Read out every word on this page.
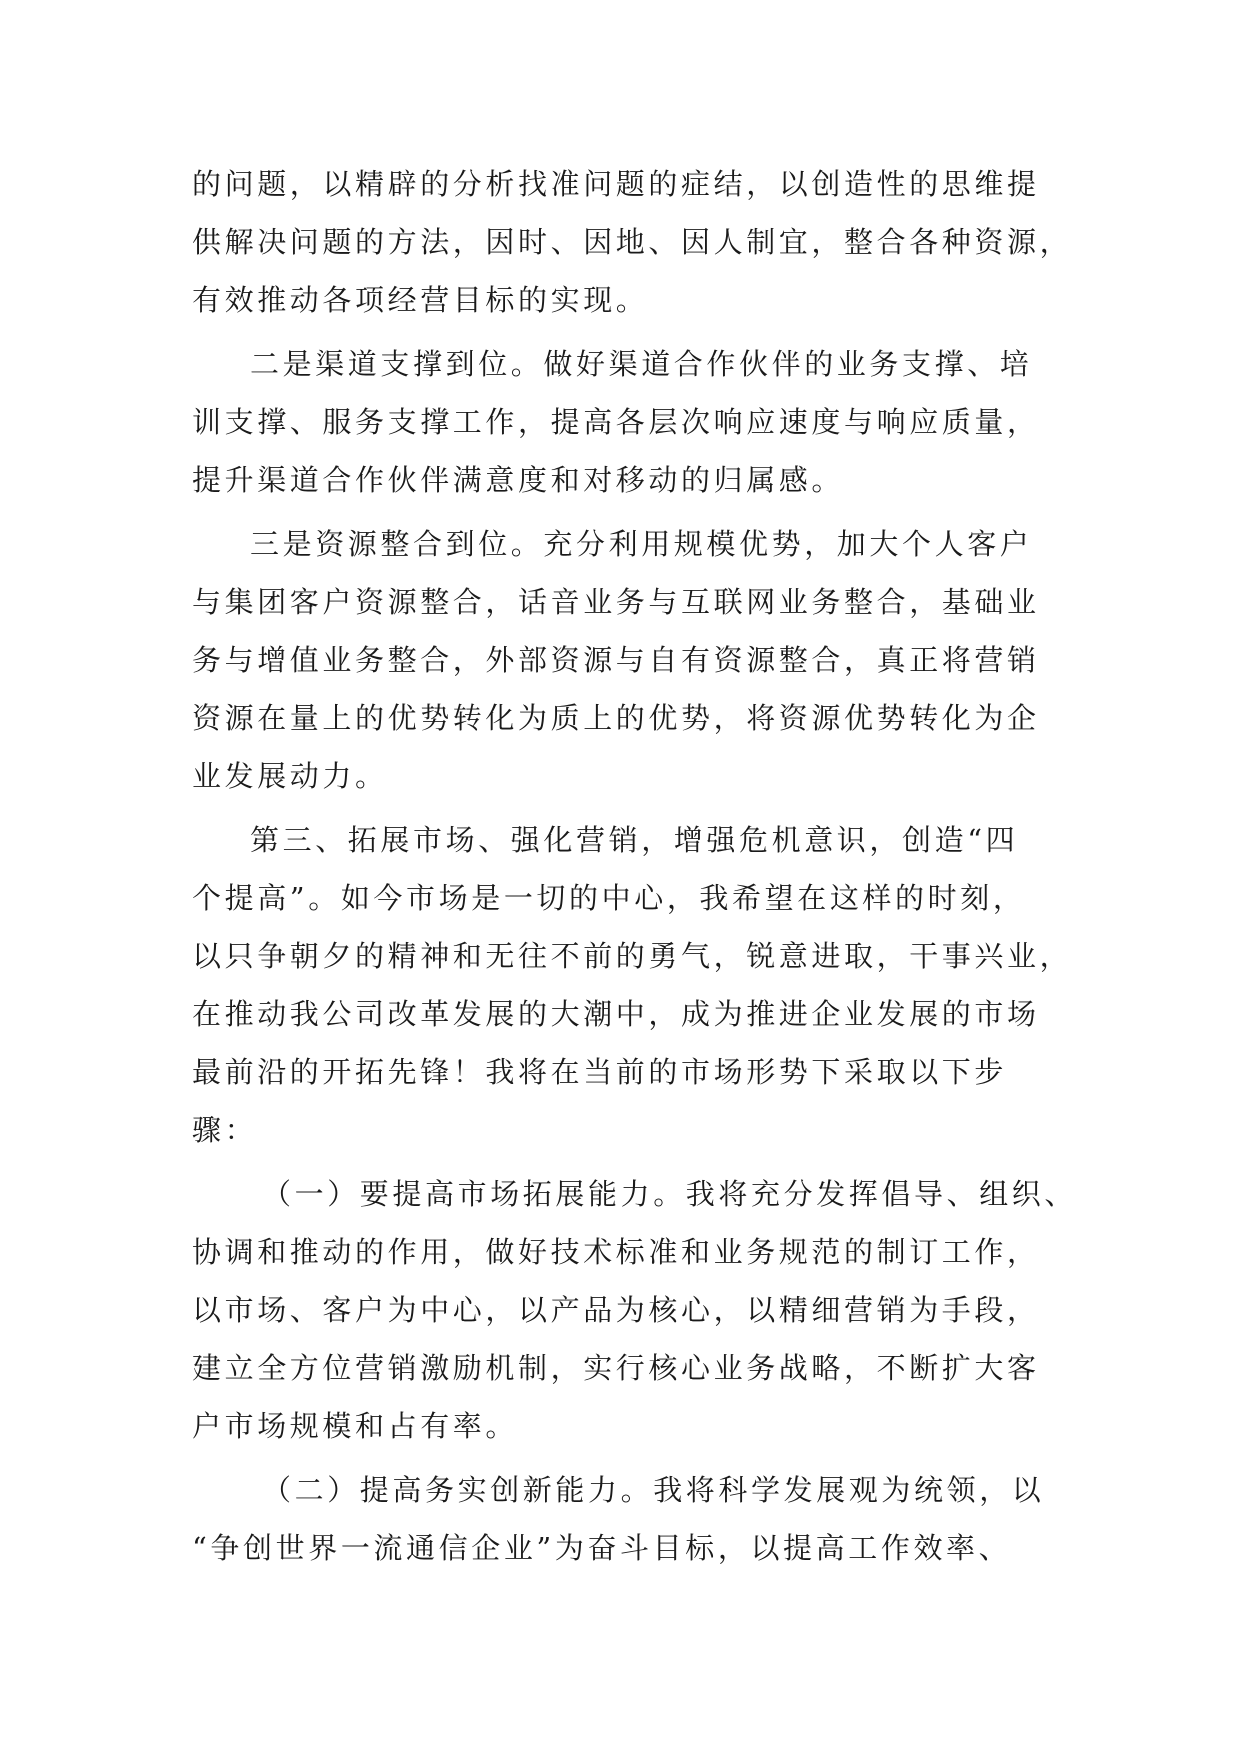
的问题，以精辟的分析找准问题的症结，以创造性的思维提
供解决问题的方法，因时、因地、因人制宜，整合各种资源，
有效推动各项经营目标的实现。
二是渠道支撑到位。做好渠道合作伙伴的业务支撑、培
训支撑、服务支撑工作，提高各层次响应速度与响应质量，
提升渠道合作伙伴满意度和对移动的归属感。
三是资源整合到位。充分利用规模优势，加大个人客户
与集团客户资源整合，话音业务与互联网业务整合，基础业
务与增值业务整合，外部资源与自有资源整合，真正将营销
资源在量上的优势转化为质上的优势，将资源优势转化为企
业发展动力。
第三、拓展市场、强化营销，增强危机意识，创造“四
个提高”。如今市场是一切的中心，我希望在这样的时刻，
以只争朝夕的精神和无往不前的勇气，锐意进取，干事兴业，
在推动我公司改革发展的大潮中，成为推进企业发展的市场
最前沿的开拓先锋！我将在当前的市场形势下采取以下步
骤：
（一）要提高市场拓展能力。我将充分发挥倡导、组织、
协调和推动的作用，做好技术标准和业务规范的制订工作，
以市场、客户为中心，以产品为核心，以精细营销为手段，
建立全方位营销激励机制，实行核心业务战略，不断扩大客
户市场规模和占有率。
（二）提高务实创新能力。我将科学发展观为统领，以
“争创世界一流通信企业”为奋斗目标，以提高工作效率、
